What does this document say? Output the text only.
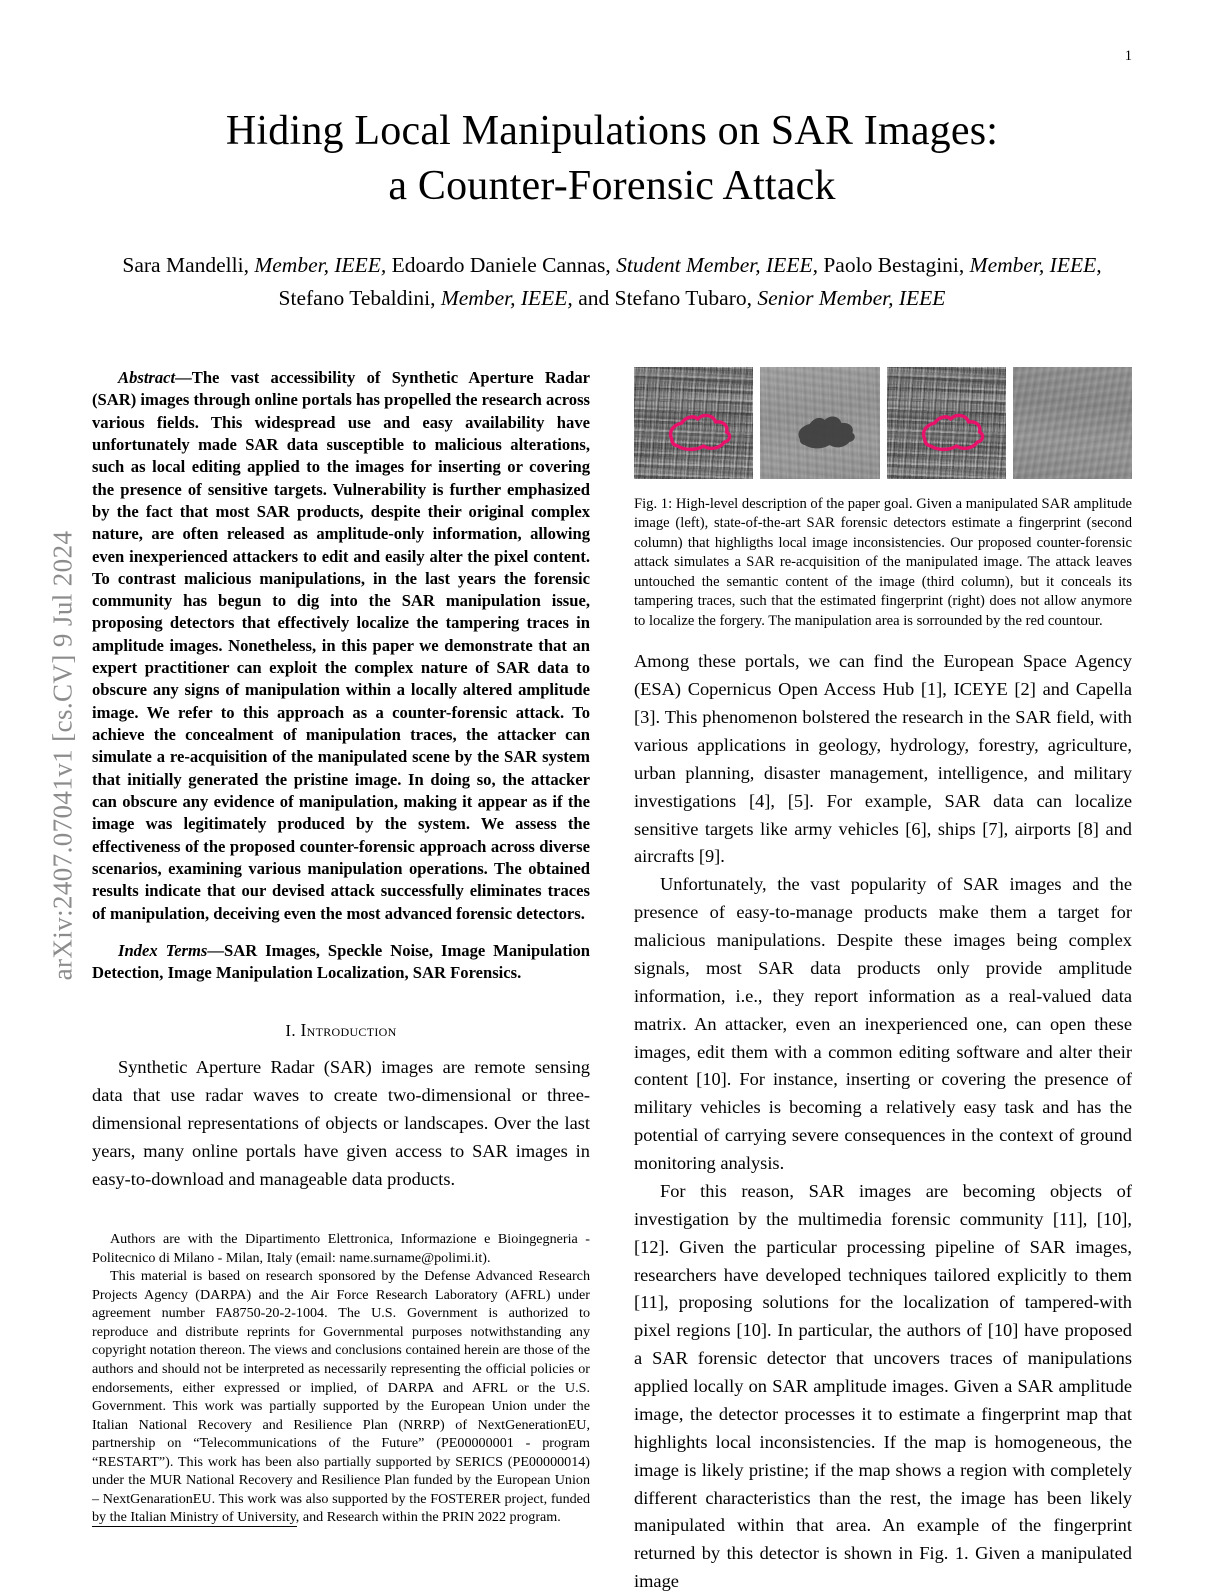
arXiv:2407.07041v1 [cs.CV] 9 Jul 2024
1
Hiding Local Manipulations on SAR Images:
a Counter-Forensic Attack
Sara Mandelli, Member, IEEE, Edoardo Daniele Cannas, Student Member, IEEE, Paolo Bestagini, Member, IEEE,
Stefano Tebaldini, Member, IEEE, and Stefano Tubaro, Senior Member, IEEE

Abstract—The vast accessibility of Synthetic Aperture Radar (SAR) images through online portals has propelled the research across various fields. This widespread use and easy availability have unfortunately made SAR data susceptible to malicious alterations, such as local editing applied to the images for inserting or covering the presence of sensitive targets. Vulnerability is further emphasized by the fact that most SAR products, despite their original complex nature, are often released as amplitude-only information, allowing even inexperienced attackers to edit and easily alter the pixel content. To contrast malicious manipulations, in the last years the forensic community has begun to dig into the SAR manipulation issue, proposing detectors that effectively localize the tampering traces in amplitude images. Nonetheless, in this paper we demonstrate that an expert practitioner can exploit the complex nature of SAR data to obscure any signs of manipulation within a locally altered amplitude image. We refer to this approach as a counter-forensic attack. To achieve the concealment of manipulation traces, the attacker can simulate a re-acquisition of the manipulated scene by the SAR system that initially generated the pristine image. In doing so, the attacker can obscure any evidence of manipulation, making it appear as if the image was legitimately produced by the system. We assess the effectiveness of the proposed counter-forensic approach across diverse scenarios, examining various manipulation operations. The obtained results indicate that our devised attack successfully eliminates traces of manipulation, deceiving even the most advanced forensic detectors.

Index Terms—SAR Images, Speckle Noise, Image Manipulation Detection, Image Manipulation Localization, SAR Forensics.

I. Introduction

Synthetic Aperture Radar (SAR) images are remote sensing data that use radar waves to create two-dimensional or three-dimensional representations of objects or landscapes. Over the last years, many online portals have given access to SAR images in easy-to-download and manageable data products.

Authors are with the Dipartimento Elettronica, Informazione e Bioingegneria - Politecnico di Milano - Milan, Italy (email: name.surname@polimi.it).

This material is based on research sponsored by the Defense Advanced Research Projects Agency (DARPA) and the Air Force Research Laboratory (AFRL) under agreement number FA8750-20-2-1004. The U.S. Government is authorized to reproduce and distribute reprints for Governmental purposes notwithstanding any copyright notation thereon. The views and conclusions contained herein are those of the authors and should not be interpreted as necessarily representing the official policies or endorsements, either expressed or implied, of DARPA and AFRL or the U.S. Government. This work was partially supported by the European Union under the Italian National Recovery and Resilience Plan (NRRP) of NextGenerationEU, partnership on “Telecommunications of the Future” (PE00000001 - program “RESTART”). This work has been also partially supported by SERICS (PE00000014) under the MUR National Recovery and Resilience Plan funded by the European Union – NextGenarationEU. This work was also supported by the FOSTERER project, funded by the Italian Ministry of University, and Research within the PRIN 2022 program.

Fig. 1: High-level description of the paper goal. Given a manipulated SAR amplitude image (left), state-of-the-art SAR forensic detectors estimate a fingerprint (second column) that highligths local image inconsistencies. Our proposed counter-forensic attack simulates a SAR re-acquisition of the manipulated image. The attack leaves untouched the semantic content of the image (third column), but it conceals its tampering traces, such that the estimated fingerprint (right) does not allow anymore to localize the forgery. The manipulation area is sorrounded by the red countour.

Among these portals, we can find the European Space Agency (ESA) Copernicus Open Access Hub [1], ICEYE [2] and Capella [3]. This phenomenon bolstered the research in the SAR field, with various applications in geology, hydrology, forestry, agriculture, urban planning, disaster management, intelligence, and military investigations [4], [5]. For example, SAR data can localize sensitive targets like army vehicles [6], ships [7], airports [8] and aircrafts [9].

Unfortunately, the vast popularity of SAR images and the presence of easy-to-manage products make them a target for malicious manipulations. Despite these images being complex signals, most SAR data products only provide amplitude information, i.e., they report information as a real-valued data matrix. An attacker, even an inexperienced one, can open these images, edit them with a common editing software and alter their content [10]. For instance, inserting or covering the presence of military vehicles is becoming a relatively easy task and has the potential of carrying severe consequences in the context of ground monitoring analysis.

For this reason, SAR images are becoming objects of investigation by the multimedia forensic community [11], [10], [12]. Given the particular processing pipeline of SAR images, researchers have developed techniques tailored explicitly to them [11], proposing solutions for the localization of tampered-with pixel regions [10]. In particular, the authors of [10] have proposed a SAR forensic detector that uncovers traces of manipulations applied locally on SAR amplitude images. Given a SAR amplitude image, the detector processes it to estimate a fingerprint map that highlights local inconsistencies. If the map is homogeneous, the image is likely pristine; if the map shows a region with completely different characteristics than the rest, the image has been likely manipulated within that area. An example of the fingerprint returned by this detector is shown in Fig. 1. Given a manipulated image
